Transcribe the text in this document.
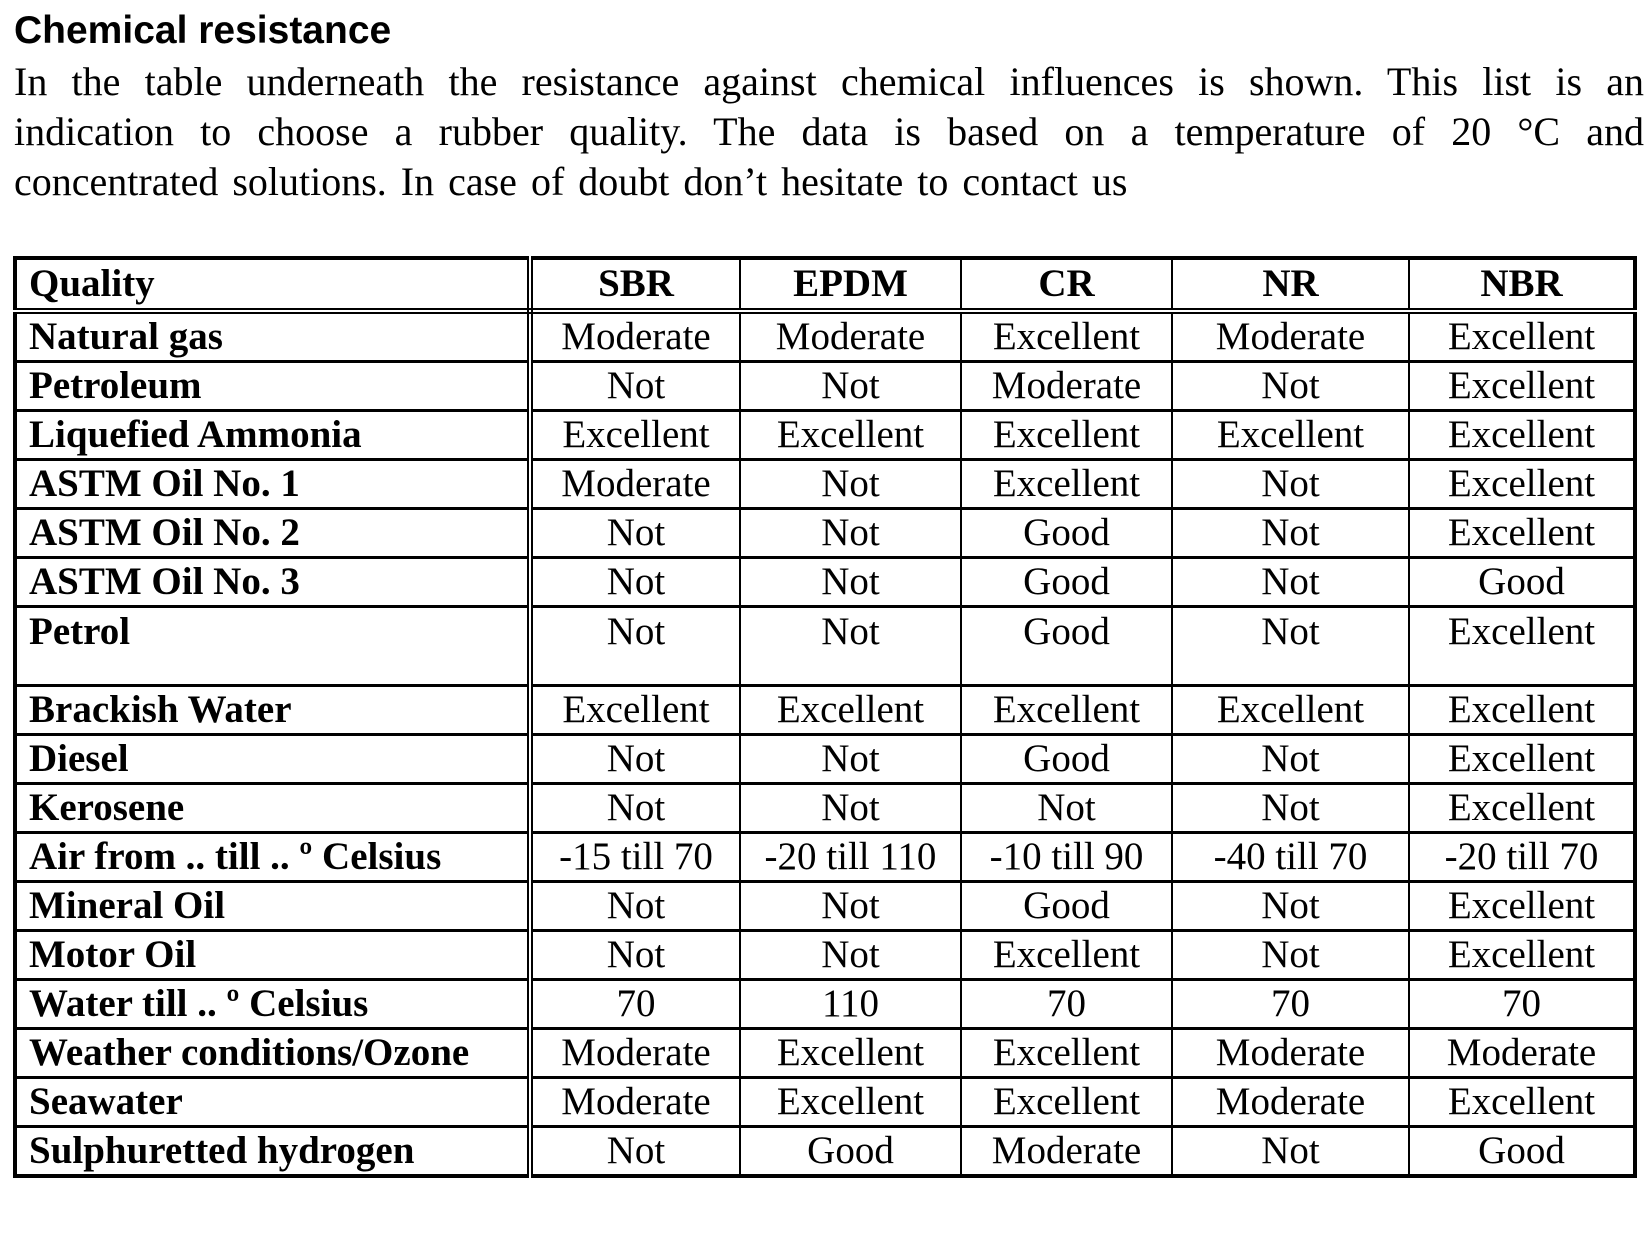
Chemical resistance

In the table underneath the resistance against chemical influences is shown. This list is an indication to choose a rubber quality. The data is based on a temperature of 20 °C and concentrated solutions. In case of doubt don’t hesitate to contact us

Quality	SBR	EPDM	CR	NR	NBR
Natural gas	Moderate	Moderate	Excellent	Moderate	Excellent
Petroleum	Not	Not	Moderate	Not	Excellent
Liquefied Ammonia	Excellent	Excellent	Excellent	Excellent	Excellent
ASTM Oil No. 1	Moderate	Not	Excellent	Not	Excellent
ASTM Oil No. 2	Not	Not	Good	Not	Excellent
ASTM Oil No. 3	Not	Not	Good	Not	Good
Petrol	Not	Not	Good	Not	Excellent
Brackish Water	Excellent	Excellent	Excellent	Excellent	Excellent
Diesel	Not	Not	Good	Not	Excellent
Kerosene	Not	Not	Not	Not	Excellent
Air from .. till .. º Celsius	-15 till 70	-20 till 110	-10 till 90	-40 till 70	-20 till 70
Mineral Oil	Not	Not	Good	Not	Excellent
Motor Oil	Not	Not	Excellent	Not	Excellent
Water till .. º Celsius	70	110	70	70	70
Weather conditions/Ozone	Moderate	Excellent	Excellent	Moderate	Moderate
Seawater	Moderate	Excellent	Excellent	Moderate	Excellent
Sulphuretted hydrogen	Not	Good	Moderate	Not	Good
